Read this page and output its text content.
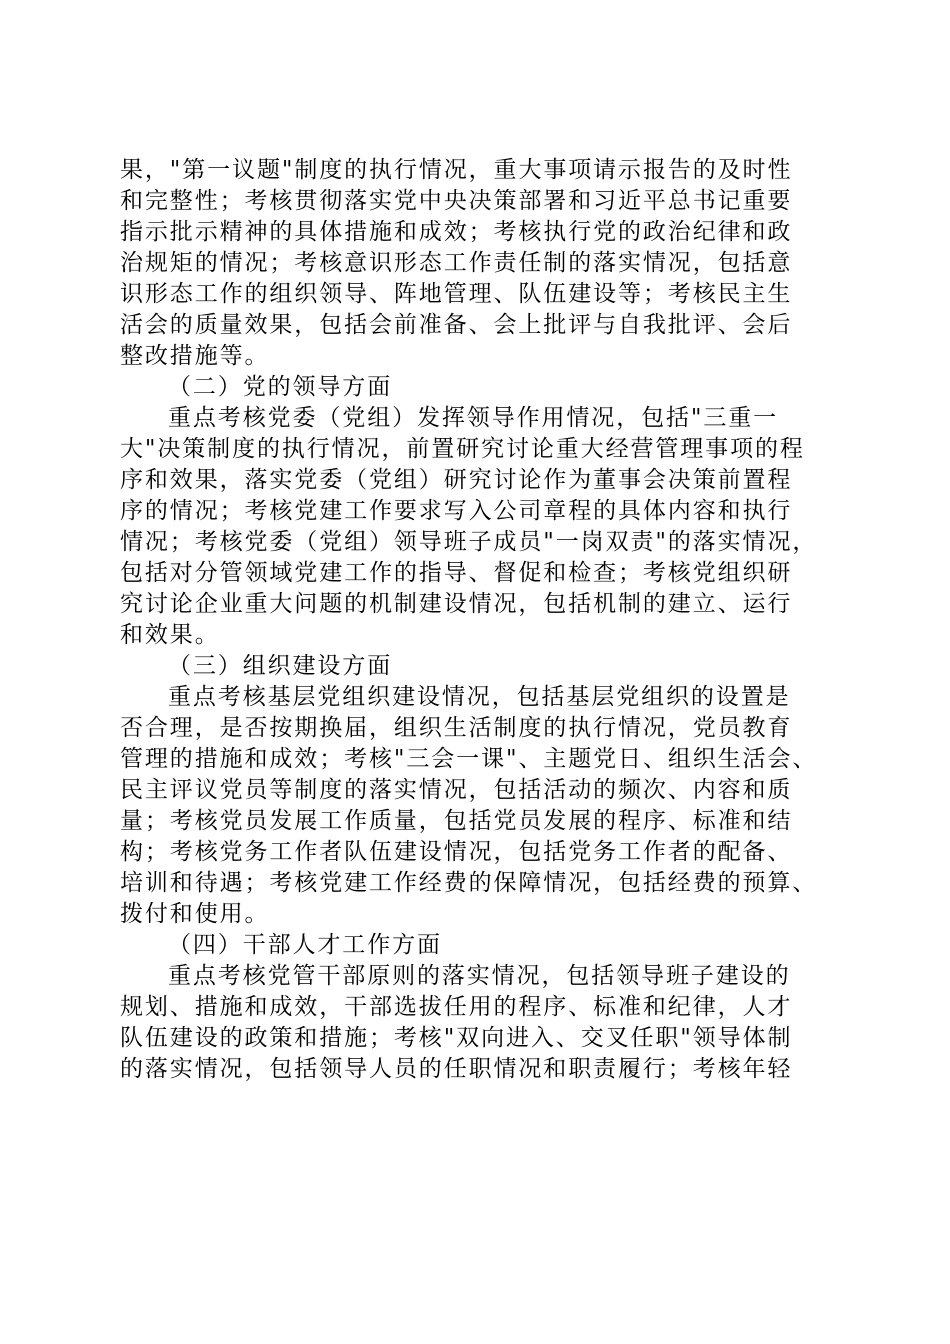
果，"第一议题"制度的执行情况，重大事项请示报告的及时性
和完整性；考核贯彻落实党中央决策部署和习近平总书记重要
指示批示精神的具体措施和成效；考核执行党的政治纪律和政
治规矩的情况；考核意识形态工作责任制的落实情况，包括意
识形态工作的组织领导、阵地管理、队伍建设等；考核民主生
活会的质量效果，包括会前准备、会上批评与自我批评、会后
整改措施等。
（二）党的领导方面
重点考核党委（党组）发挥领导作用情况，包括"三重一
大"决策制度的执行情况，前置研究讨论重大经营管理事项的程
序和效果，落实党委（党组）研究讨论作为董事会决策前置程
序的情况；考核党建工作要求写入公司章程的具体内容和执行
情况；考核党委（党组）领导班子成员"一岗双责"的落实情况，
包括对分管领域党建工作的指导、督促和检查；考核党组织研
究讨论企业重大问题的机制建设情况，包括机制的建立、运行
和效果。
（三）组织建设方面
重点考核基层党组织建设情况，包括基层党组织的设置是
否合理，是否按期换届，组织生活制度的执行情况，党员教育
管理的措施和成效；考核"三会一课"、主题党日、组织生活会、
民主评议党员等制度的落实情况，包括活动的频次、内容和质
量；考核党员发展工作质量，包括党员发展的程序、标准和结
构；考核党务工作者队伍建设情况，包括党务工作者的配备、
培训和待遇；考核党建工作经费的保障情况，包括经费的预算、
拨付和使用。
（四）干部人才工作方面
重点考核党管干部原则的落实情况，包括领导班子建设的
规划、措施和成效，干部选拔任用的程序、标准和纪律，人才
队伍建设的政策和措施；考核"双向进入、交叉任职"领导体制
的落实情况，包括领导人员的任职情况和职责履行；考核年轻
